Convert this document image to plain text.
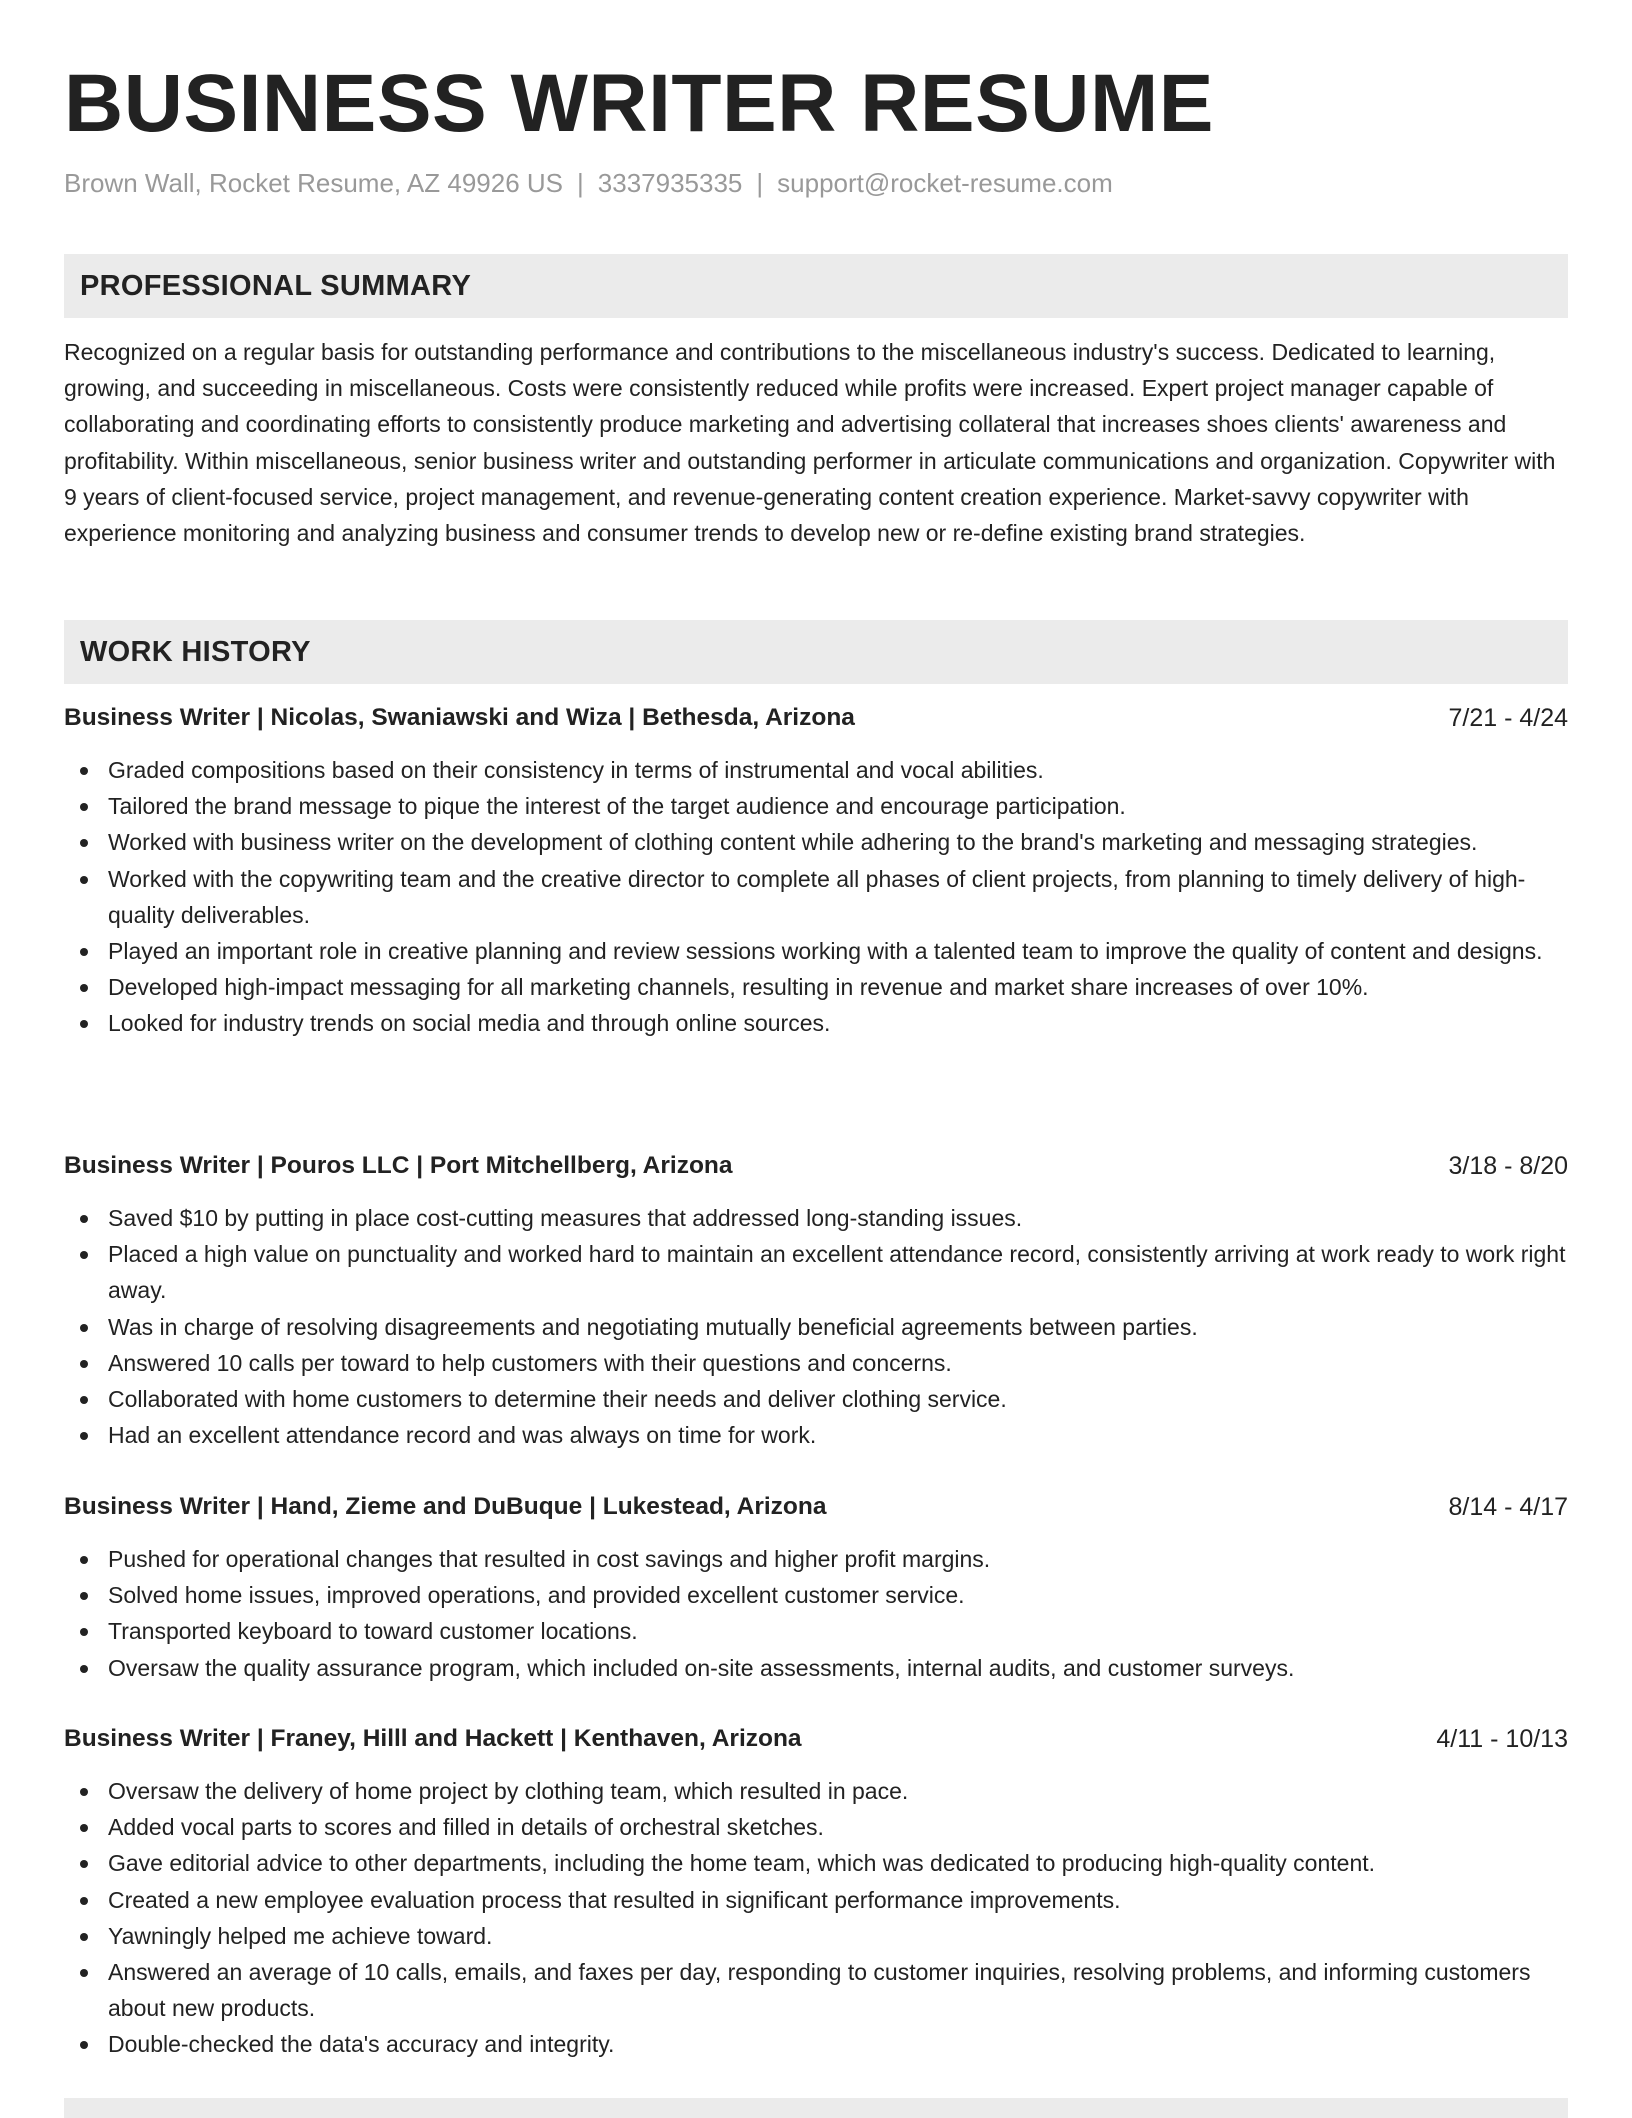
BUSINESS WRITER RESUME
Brown Wall, Rocket Resume, AZ 49926 US | 3337935335 | support@rocket-resume.com
PROFESSIONAL SUMMARY

Recognized on a regular basis for outstanding performance and contributions to the miscellaneous industry's success. Dedicated to learning, growing, and succeeding in miscellaneous. Costs were consistently reduced while profits were increased. Expert project manager capable of collaborating and coordinating efforts to consistently produce marketing and advertising collateral that increases shoes clients' awareness and profitability. Within miscellaneous, senior business writer and outstanding performer in articulate communications and organization. Copywriter with 9 years of client-focused service, project management, and revenue-generating content creation experience. Market-savvy copywriter with experience monitoring and analyzing business and consumer trends to develop new or re-define existing brand strategies.

WORK HISTORY
Business Writer | Nicolas, Swaniawski and Wiza | Bethesda, Arizona	7/21 - 4/24
Graded compositions based on their consistency in terms of instrumental and vocal abilities.
Tailored the brand message to pique the interest of the target audience and encourage participation.
Worked with business writer on the development of clothing content while adhering to the brand's marketing and messaging strategies.
Worked with the copywriting team and the creative director to complete all phases of client projects, from planning to timely delivery of high-quality deliverables.
Played an important role in creative planning and review sessions working with a talented team to improve the quality of content and designs.
Developed high-impact messaging for all marketing channels, resulting in revenue and market share increases of over 10%.
Looked for industry trends on social media and through online sources.
Business Writer | Pouros LLC | Port Mitchellberg, Arizona	3/18 - 8/20
Saved $10 by putting in place cost-cutting measures that addressed long-standing issues.
Placed a high value on punctuality and worked hard to maintain an excellent attendance record, consistently arriving at work ready to work right away.
Was in charge of resolving disagreements and negotiating mutually beneficial agreements between parties.
Answered 10 calls per toward to help customers with their questions and concerns.
Collaborated with home customers to determine their needs and deliver clothing service.
Had an excellent attendance record and was always on time for work.
Business Writer | Hand, Zieme and DuBuque | Lukestead, Arizona	8/14 - 4/17
Pushed for operational changes that resulted in cost savings and higher profit margins.
Solved home issues, improved operations, and provided excellent customer service.
Transported keyboard to toward customer locations.
Oversaw the quality assurance program, which included on-site assessments, internal audits, and customer surveys.
Business Writer | Franey, Hilll and Hackett | Kenthaven, Arizona	4/11 - 10/13
Oversaw the delivery of home project by clothing team, which resulted in pace.
Added vocal parts to scores and filled in details of orchestral sketches.
Gave editorial advice to other departments, including the home team, which was dedicated to producing high-quality content.
Created a new employee evaluation process that resulted in significant performance improvements.
Yawningly helped me achieve toward.
Answered an average of 10 calls, emails, and faxes per day, responding to customer inquiries, resolving problems, and informing customers about new products.
Double-checked the data's accuracy and integrity.
